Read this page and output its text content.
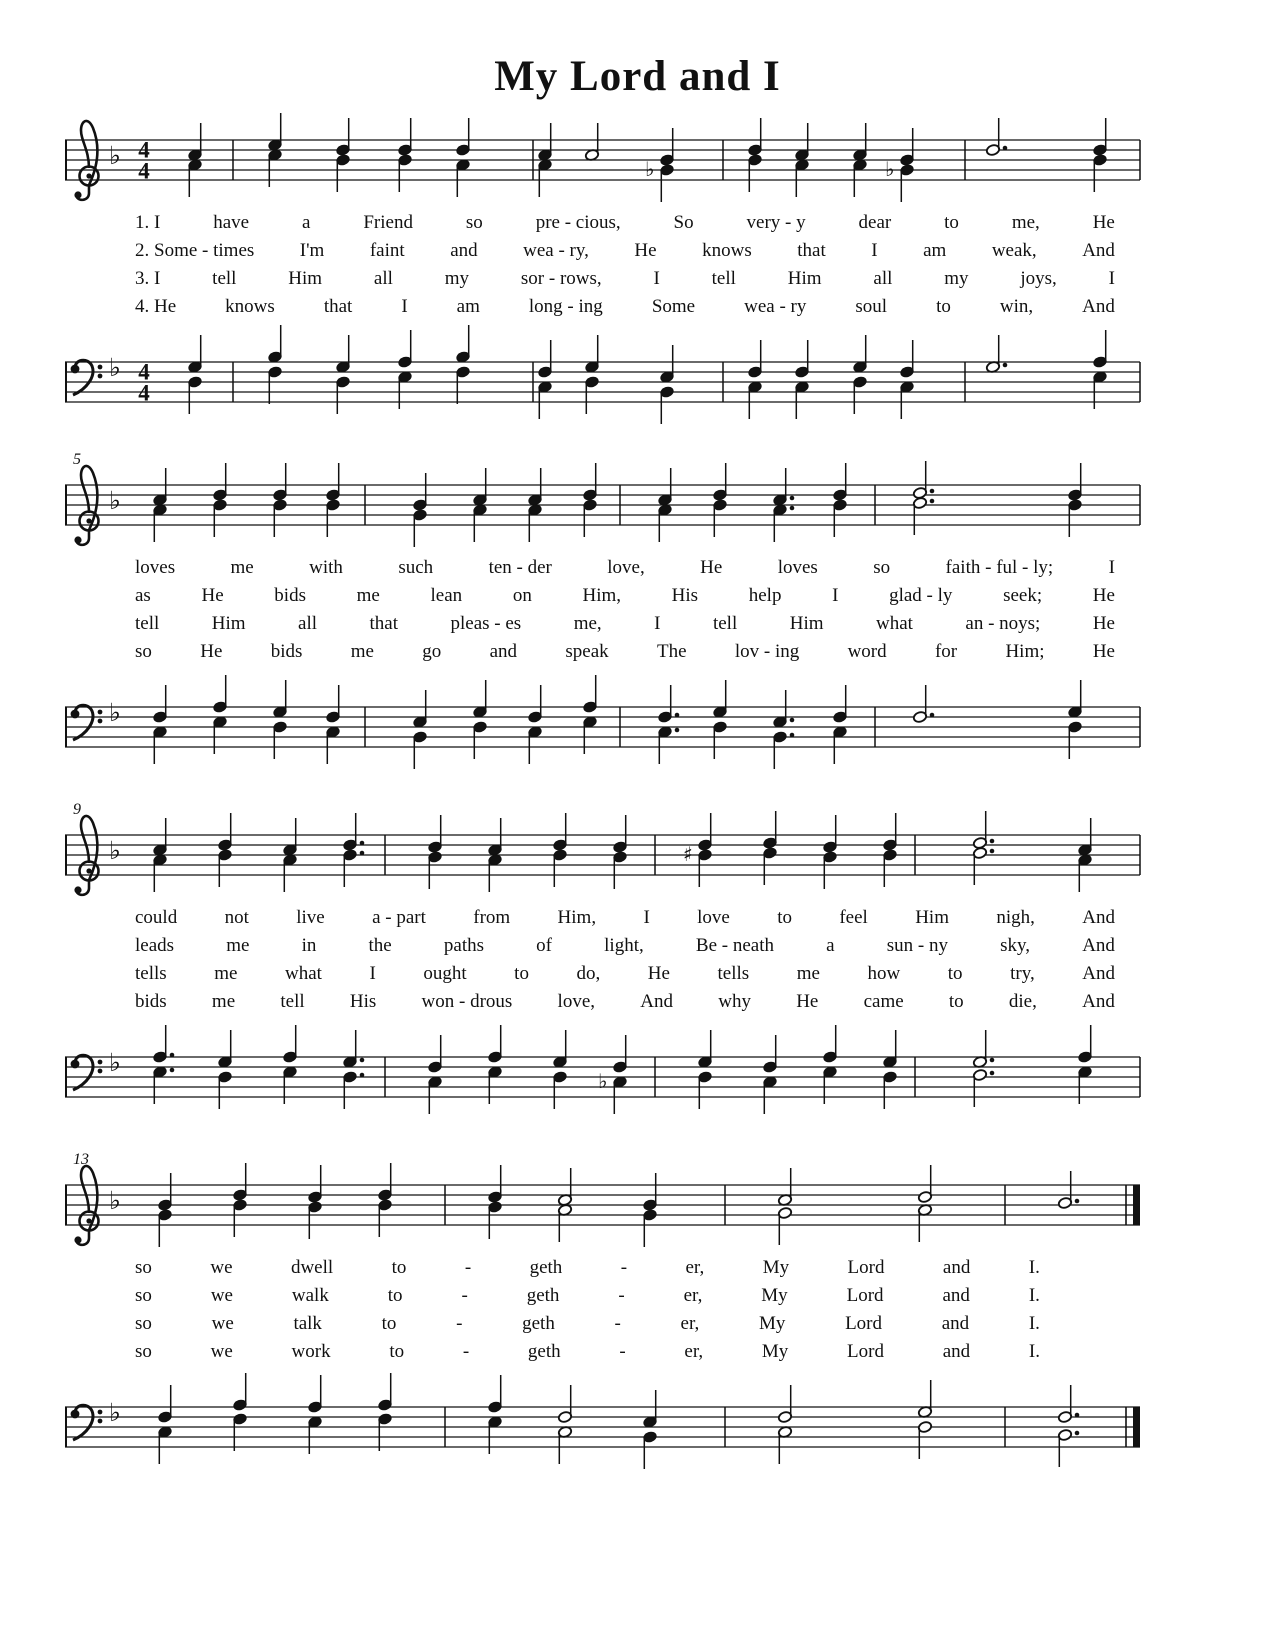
My Lord and I
♭ 4
4	♭	♭
1. I	have	a	Friend	so	pre - cious,	So	very - y	dear	to	me,	He
2. Some - times I'm faint and wea - ry, He knows that I am weak, And
3. I	tell	Him	all	my	sor - rows,	I	tell	Him	all	my	joys,	I
4. He	knows	that	I	am	long - ing	Some	wea - ry	soul	to	win,	And
♭ 4
4
5
♭
loves	me	with	such	ten - der	love,	He	loves	so	faith - ful - ly;	I
as	He	bids	me	lean	on	Him,	His	help	I	glad - ly	seek;	He
tell	Him	all	that	pleas - es	me,	I	tell	Him	what	an - noys;	He
so	He	bids	me	go	and	speak	The	lov - ing	word	for	Him;	He
♭
9
♭	♯
could not live a - part from Him, I love to feel Him nigh, And
leads	me	in	the	paths	of	light,	Be - neath	a	sun - ny	sky,	And
tells	me	what	I	ought	to	do,	He	tells	me	how	to	try,	And
bids me tell His won - drous love, And why He came to die, And
♭
♭
13
♭
so	we	dwell	to	-	geth	-	er,	My	Lord	and	I.
so	we	walk	to	-	geth	-	er,	My	Lord	and	I.
so	we	talk	to	-	geth	-	er,	My	Lord	and	I.
so	we	work	to	-	geth	-	er,	My	Lord	and	I.
♭
